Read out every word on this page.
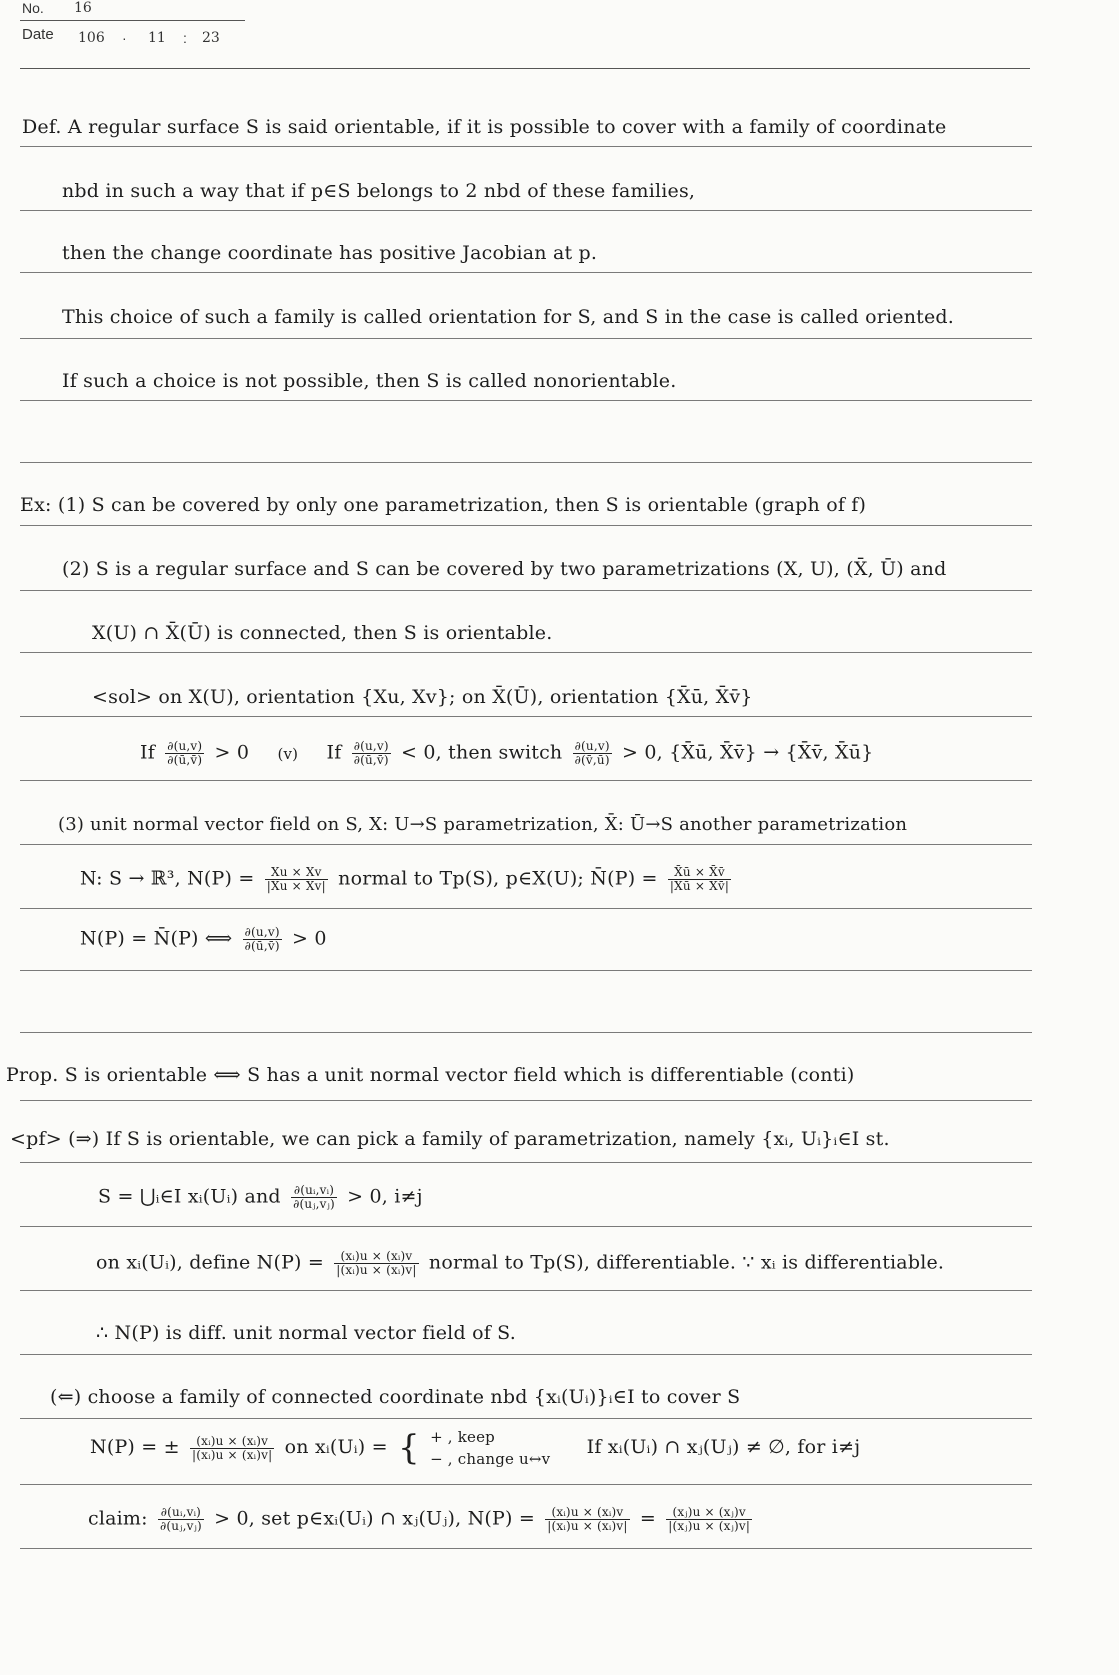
No. 16
Date 106 · 11 : 23
Def. A regular surface S is said orientable, if it is possible to cover with a family of coordinate
nbd in such a way that if p∈S belongs to 2 nbd of these families,
then the change coordinate has positive Jacobian at p.
This choice of such a family is called orientation for S, and S in the case is called oriented.
If such a choice is not possible, then S is called nonorientable.
Ex: (1) S can be covered by only one parametrization, then S is orientable (graph of f)
(2) S is a regular surface and S can be covered by two parametrizations (X, U), (X̄, Ū) and
X(U) ∩ X̄(Ū) is connected, then S is orientable.
<sol> on X(U), orientation {Xu, Xv}; on X̄(Ū), orientation {X̄ū, X̄v̄}
If $\frac{\partial(u,v)}{\partial(ū,v̄)} > 0$ (v) If $\frac{\partial(u,v)}{\partial(ū,v̄)} < 0$, then switch $\frac{\partial(u,v)}{\partial(v̄,ū)} > 0$, {X̄ū, X̄v̄} → {X̄v̄, X̄ū}
(3) unit normal vector field on S, X: U→S parametrization, X̄: Ū→S another parametrization
N: S → ℝ³, $N(P) = \frac{Xu \times Xv}{|Xu \times Xv|}$ normal to Tp(S), p∈X(U); N̄(P) = $\frac{X̄ū \times X̄v̄}{|X̄ū \times X̄v̄|}$
N(P) = N̄(P) ⟺ $\frac{\partial(u,v)}{\partial(ū,v̄)} > 0$
Prop. S is orientable ⟺ S has a unit normal vector field which is differentiable (conti)
<pf> (⇒) If S is orientable, we can pick a family of parametrization, namely {xᵢ, Uᵢ}ᵢ∈I st.
S = ⋃ᵢ∈I xᵢ(Uᵢ) and $\frac{\text{∂(uᵢ,vᵢ)}}{\text{∂(uⱼ,vⱼ)}} > 0$, i≠j
on xᵢ(Uᵢ), define $N(P) = \frac{\text{(xᵢ)u × (xᵢ)v}}{\text{|(xᵢ)u × (xᵢ)v|}}$ normal to Tp(S), differentiable. ∵ xᵢ is differentiable.
∴ N(P) is diff. unit normal vector field of S.
(⇐) choose a family of connected coordinate nbd {xᵢ(Uᵢ)}ᵢ∈I to cover S
N(P) = ± $\frac{\text{(xᵢ)u × (xᵢ)v}}{\text{|(xᵢ)u × (xᵢ)v|}}$ on xᵢ(Uᵢ) = { + , keep
− , change u↔v
If xᵢ(Uᵢ) ∩ xⱼ(Uⱼ) ≠ ∅, for i≠j
claim: $\frac{\text{∂(uᵢ,vᵢ)}}{\text{∂(uⱼ,vⱼ)}} > 0$, set p∈xᵢ(Uᵢ) ∩ xⱼ(Uⱼ), $N(P) = \frac{\text{(xᵢ)u × (xᵢ)v}}{\text{|(xᵢ)u × (xᵢ)v|}} = \frac{\text{(xⱼ)u × (xⱼ)v}}{\text{|(xⱼ)u × (xⱼ)v|}}$
